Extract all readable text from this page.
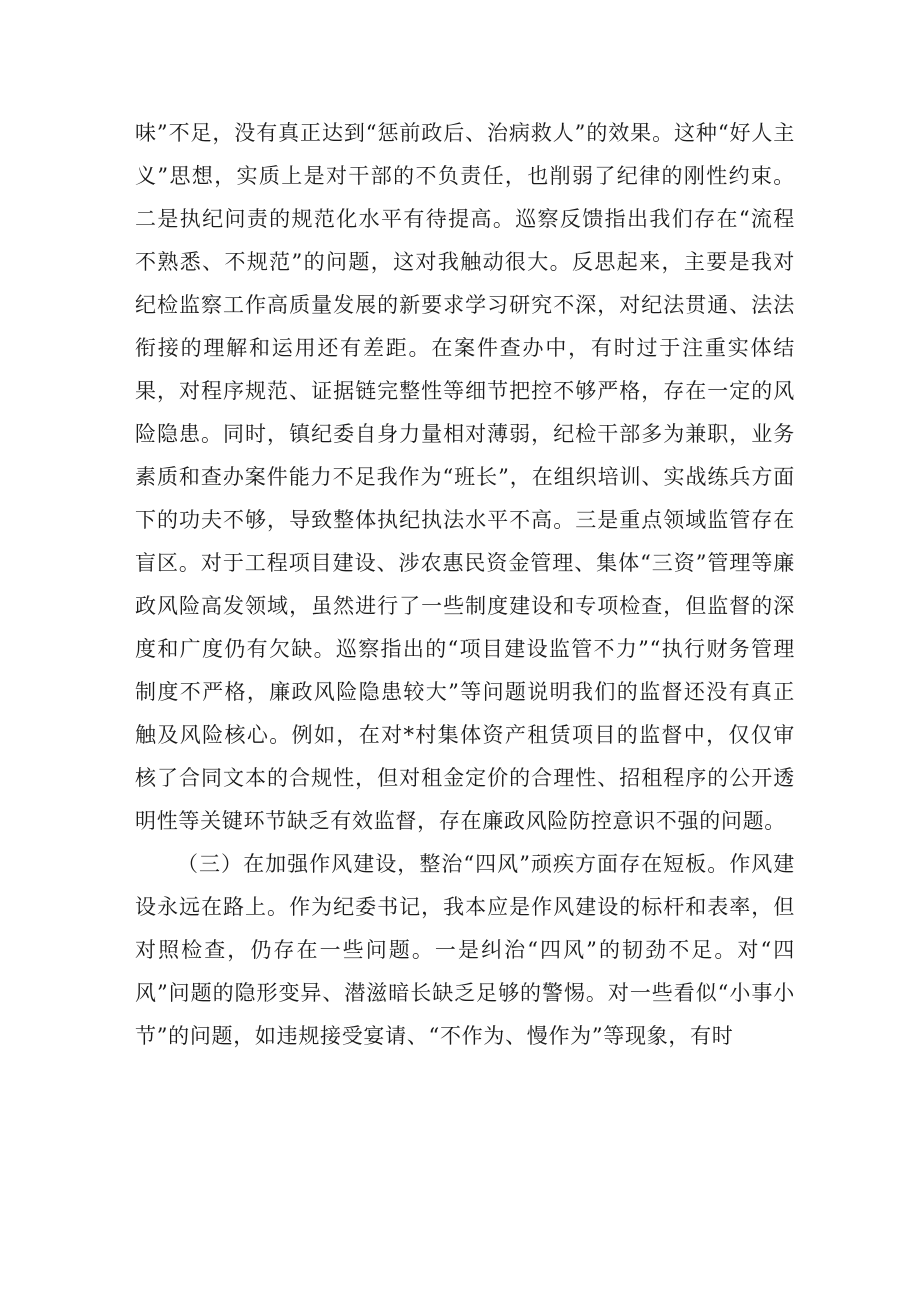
味”不足，没有真正达到“惩前政后、治病救人”的效果。这种“好人主义”思想，实质上是对干部的不负责任，也削弱了纪律的刚性约束。二是执纪问责的规范化水平有待提高。巡察反馈指出我们存在“流程不熟悉、不规范”的问题，这对我触动很大。反思起来，主要是我对纪检监察工作高质量发展的新要求学习研究不深，对纪法贯通、法法衔接的理解和运用还有差距。在案件查办中，有时过于注重实体结果，对程序规范、证据链完整性等细节把控不够严格，存在一定的风险隐患。同时，镇纪委自身力量相对薄弱，纪检干部多为兼职，业务素质和查办案件能力不足我作为“班长”，在组织培训、实战练兵方面下的功夫不够，导致整体执纪执法水平不高。三是重点领域监管存在盲区。对于工程项目建设、涉农惠民资金管理、集体“三资”管理等廉政风险高发领域，虽然进行了一些制度建设和专项检查，但监督的深度和广度仍有欠缺。巡察指出的“项目建设监管不力”“执行财务管理制度不严格，廉政风险隐患较大”等问题说明我们的监督还没有真正触及风险核心。例如，在对*村集体资产租赁项目的监督中，仅仅审核了合同文本的合规性，但对租金定价的合理性、招租程序的公开透明性等关键环节缺乏有效监督，存在廉政风险防控意识不强的问题。

（三）在加强作风建设，整治“四风”顽疾方面存在短板。作风建设永远在路上。作为纪委书记，我本应是作风建设的标杆和表率，但对照检查，仍存在一些问题。一是纠治“四风”的韧劲不足。对“四风”问题的隐形变异、潜滋暗长缺乏足够的警惕。对一些看似“小事小节”的问题，如违规接受宴请、“不作为、慢作为”等现象，有时
